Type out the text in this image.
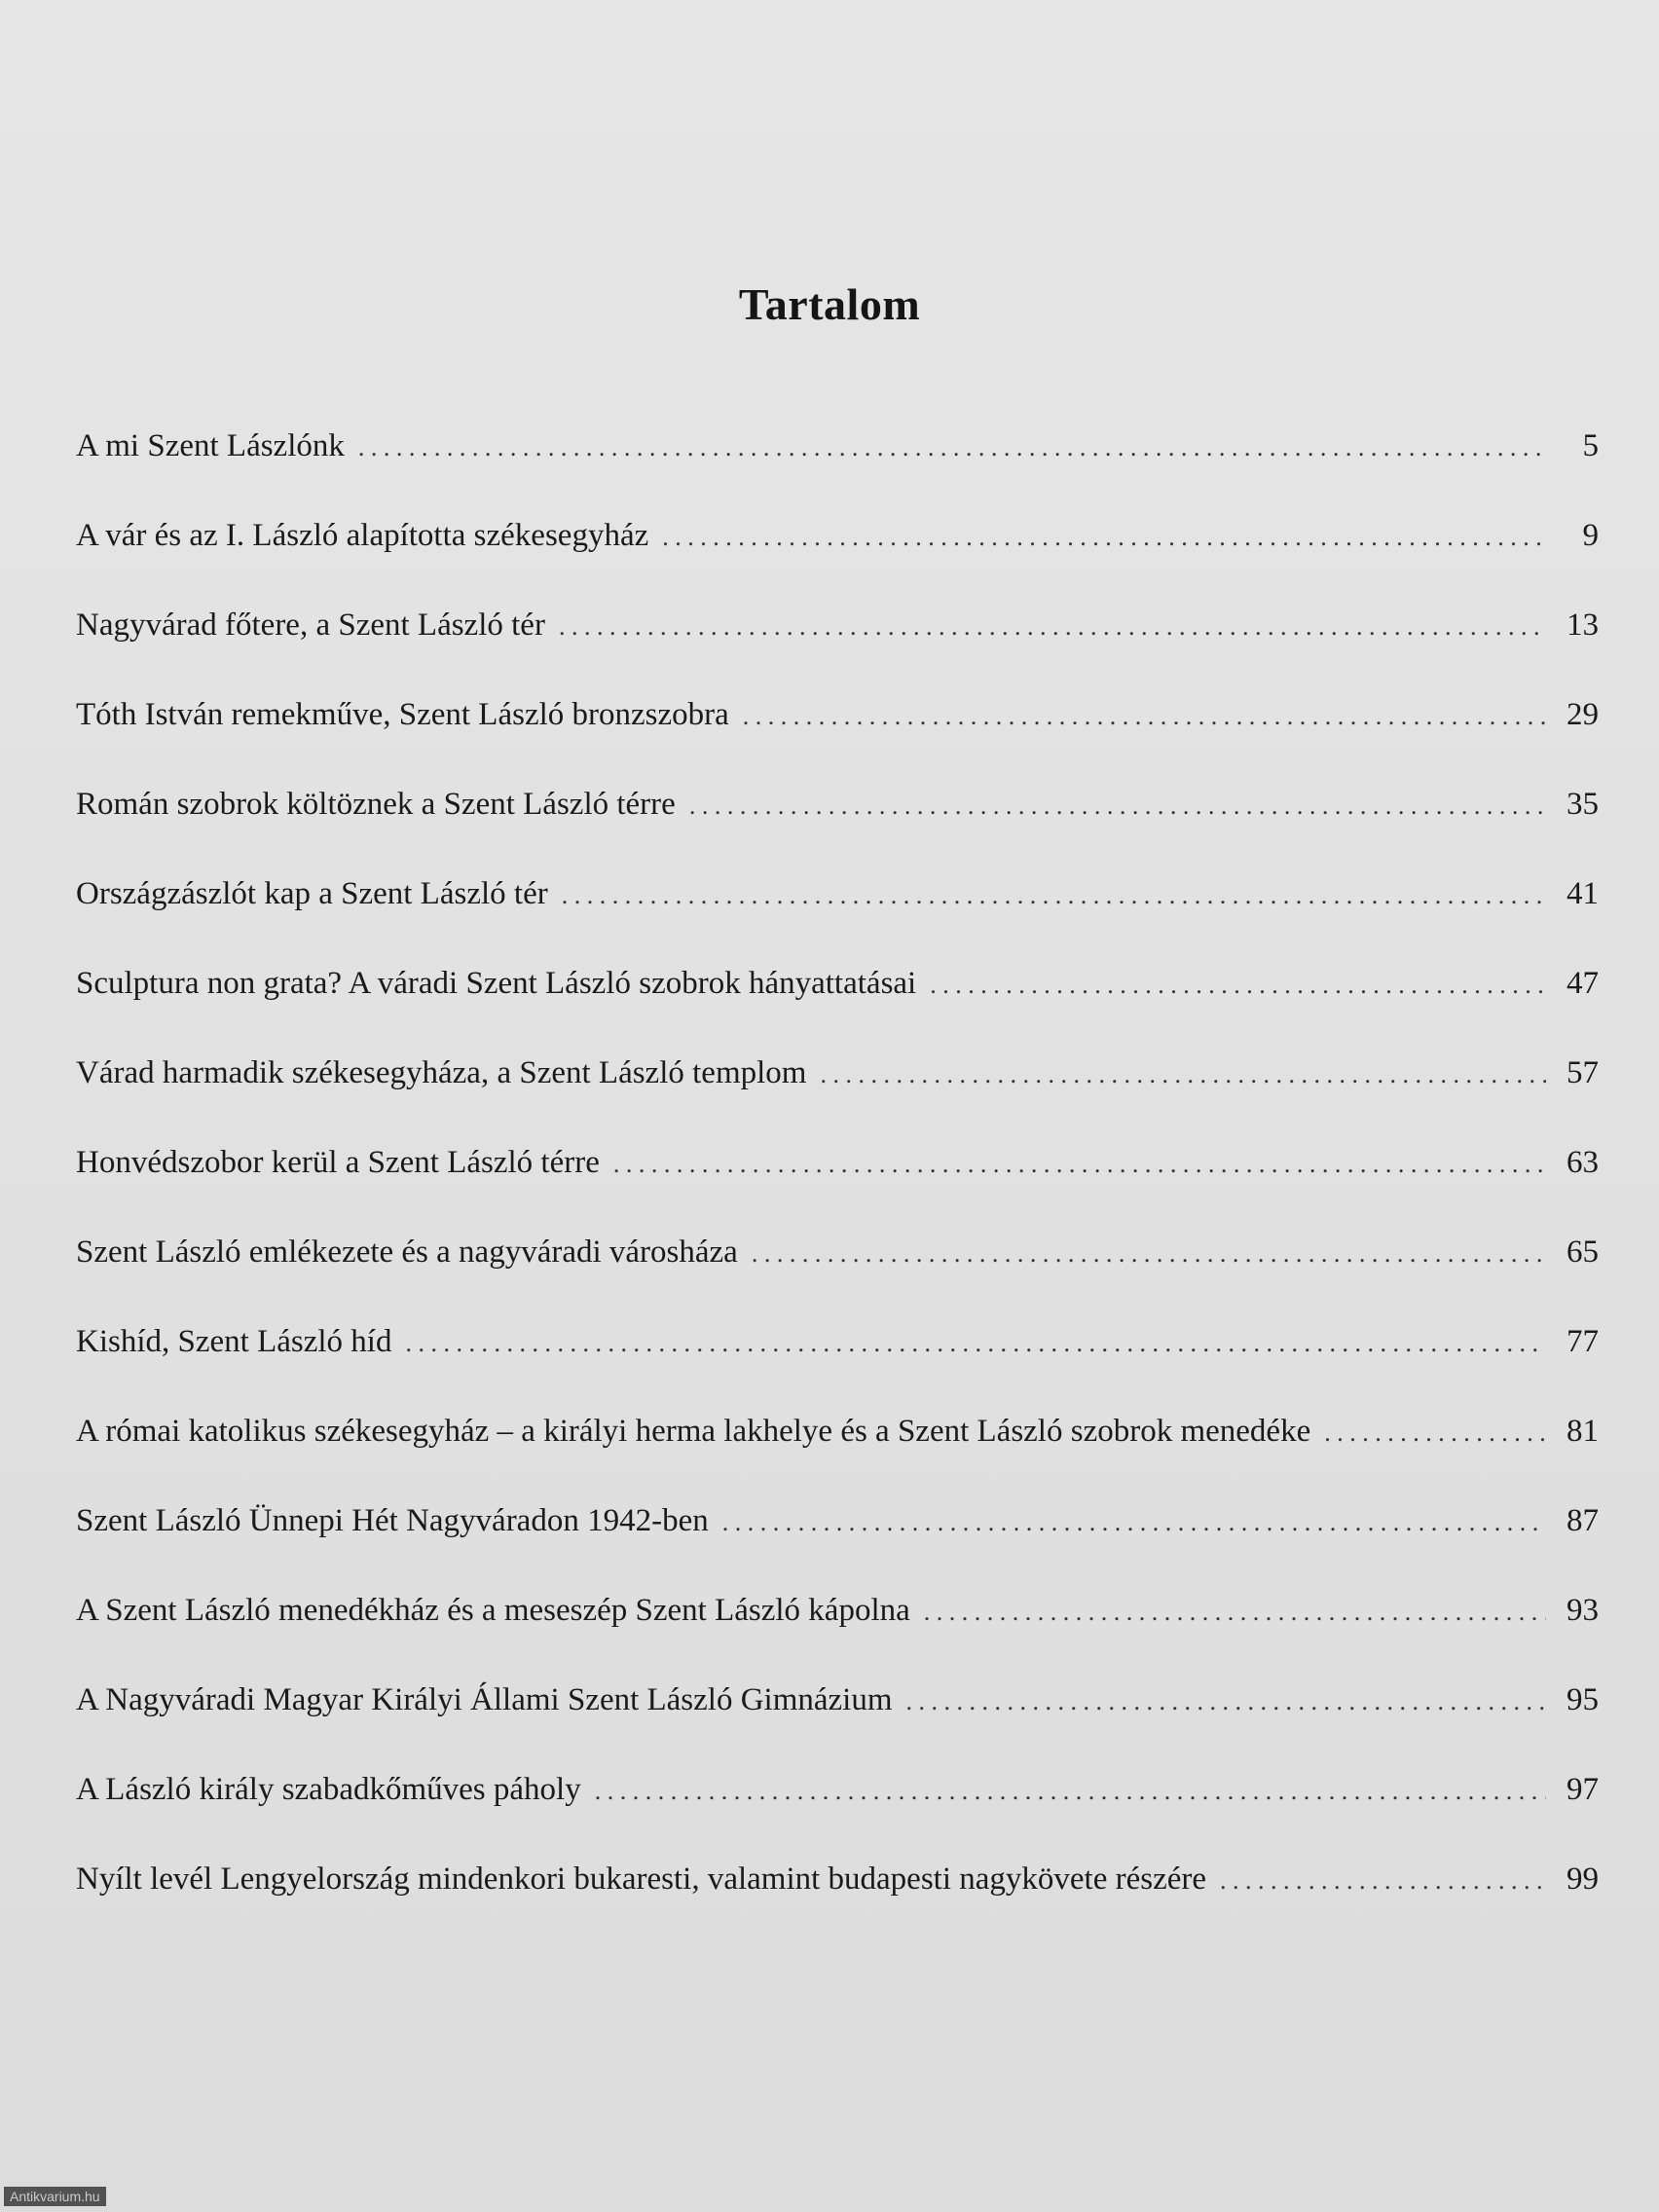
Tartalom
A mi Szent Lászlónk . . .	5
A vár és az I. László alapította székesegyház . . .	9
Nagyvárad főtere, a Szent László tér . . .	13
Tóth István remekműve, Szent László bronzszobra . . .	29
Román szobrok költöznek a Szent László térre . . .	35
Országzászlót kap a Szent László tér . . .	41
Sculptura non grata? A váradi Szent László szobrok hányattatásai . . .	47
Várad harmadik székesegyháza, a Szent László templom . . .	57
Honvédszobor kerül a Szent László térre . . .	63
Szent László emlékezete és a nagyváradi városháza . . .	65
Kishíd, Szent László híd . . .	77
A római katolikus székesegyház – a királyi herma lakhelye és a Szent László szobrok menedéke . . .	81
Szent László Ünnepi Hét Nagyváradon 1942-ben . . .	87
A Szent László menedékház és a meseszép Szent László kápolna . . .	93
A Nagyváradi Magyar Királyi Állami Szent László Gimnázium . . .	95
A László király szabadkőműves páholy . . .	97
Nyílt levél Lengyelország mindenkori bukaresti, valamint budapesti nagykövete részére . . .	99
Antikvarium.hu
